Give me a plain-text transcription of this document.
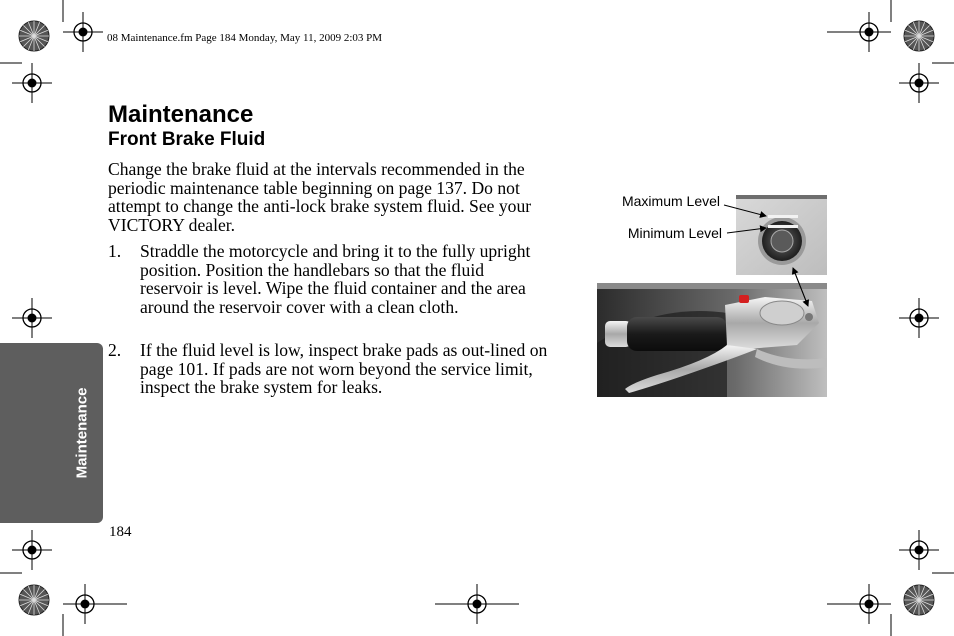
08 Maintenance.fm Page 184 Monday, May 11, 2009 2:03 PM
Maintenance
Maintenance
Front Brake Fluid
Change the brake fluid at the intervals recommended in the periodic maintenance table beginning on page 137. Do not attempt to change the anti-lock brake system fluid. See your VICTORY dealer.
1. Straddle the motorcycle and bring it to the fully upright position. Position the handlebars so that the fluid reservoir is level. Wipe the fluid container and the area around the reservoir cover with a clean cloth.
2. If the fluid level is low, inspect brake pads as out-lined on page 101. If pads are not worn beyond the service limit, inspect the brake system for leaks.
184
Maximum Level
Minimum Level
